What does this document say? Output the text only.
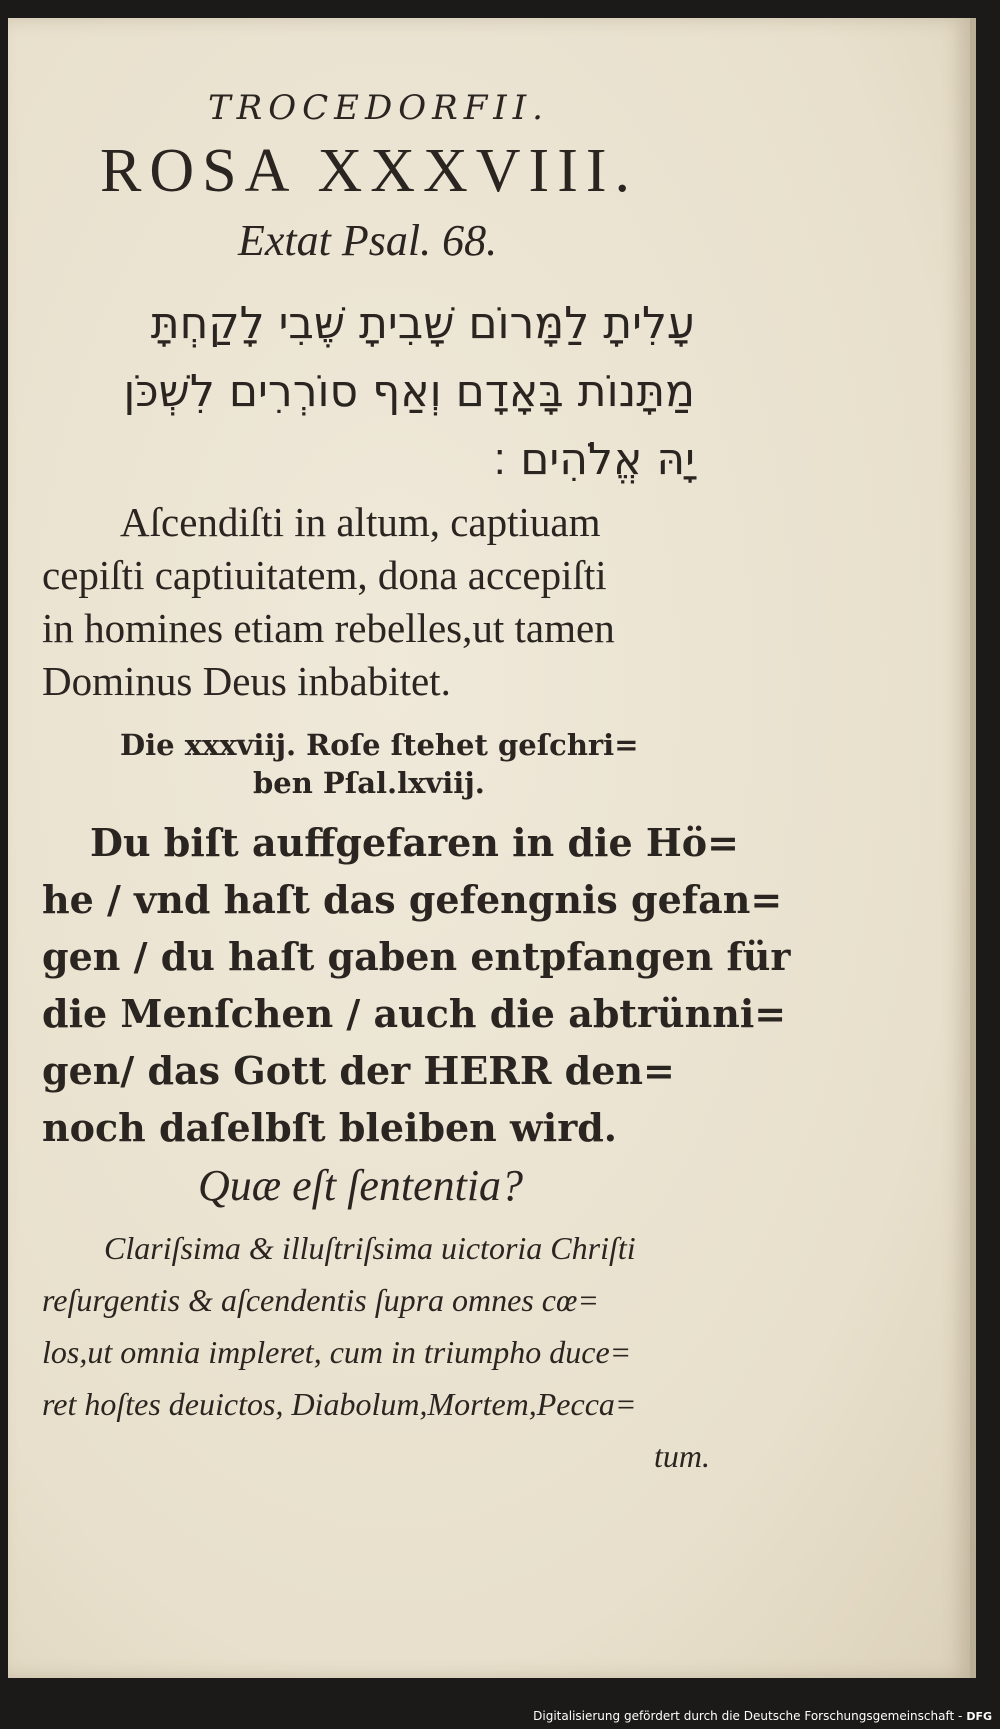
TROCEDORFII.
ROSA XXXVIII.
Extat Psal. 68.
עָלִיתָ לַמָּרוֹם שָׁבִיתָ שֶּׁבִי לָקַחְתָּ
מַתָּנוֹת בָּאָדָם וְאַף סוֹרְרִים לִשְׁכֹּן
יָהּ אֱלֹהִים ׃
Aſcendiſti in altum, captiuam
cepiſti captiuitatem, dona accepiſti
in homines etiam rebelles,ut tamen
Dominus Deus inbabitet.
Die xxxviij. Roſe ſtehet geſchri=
ben Pſal.lxviij.
Du biſt auffgefaren in die Hö=
he / vnd haſt das gefengnis gefan=
gen / du haſt gaben entpfangen für
die Menſchen / auch die abtrünni=
gen/ das Gott der HERR den=
noch daſelbſt bleiben wird.
Quæ eſt ſententia?
Clariſsima & illuſtriſsima uictoria Chriſti
reſurgentis & aſcendentis ſupra omnes cœ=
los,ut omnia impleret, cum in triumpho duce=
ret hoſtes deuictos, Diabolum,Mortem,Pecca=
tum.
Digitalisierung gefördert durch die Deutsche Forschungsgemeinschaft - DFG
